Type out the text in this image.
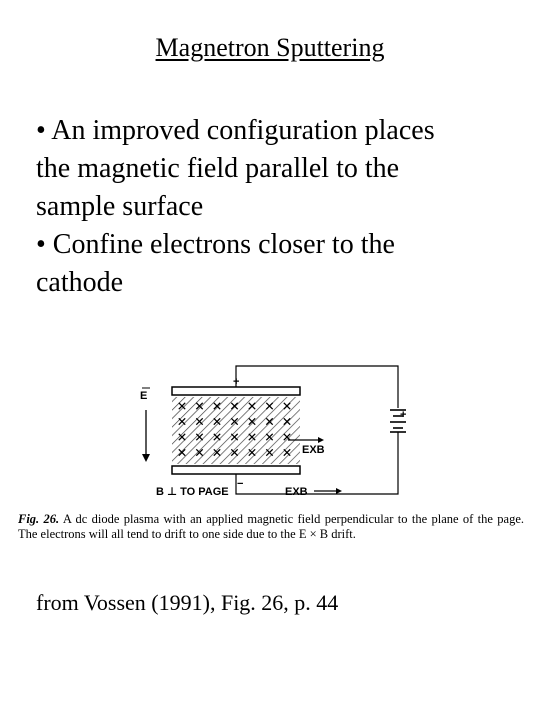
Magnetron Sputtering

• An improved configuration places

the magnetic field parallel to the

sample surface

• Confine electrons closer to the

cathode

+
+
E
EXB
−
EXB
B ⊥ TO PAGE
Fig. 26. A dc diode plasma with an applied magnetic field perpendicular to the plane of the page. The electrons will all tend to drift to one side due to the E × B drift.
from Vossen (1991), Fig. 26, p. 44
